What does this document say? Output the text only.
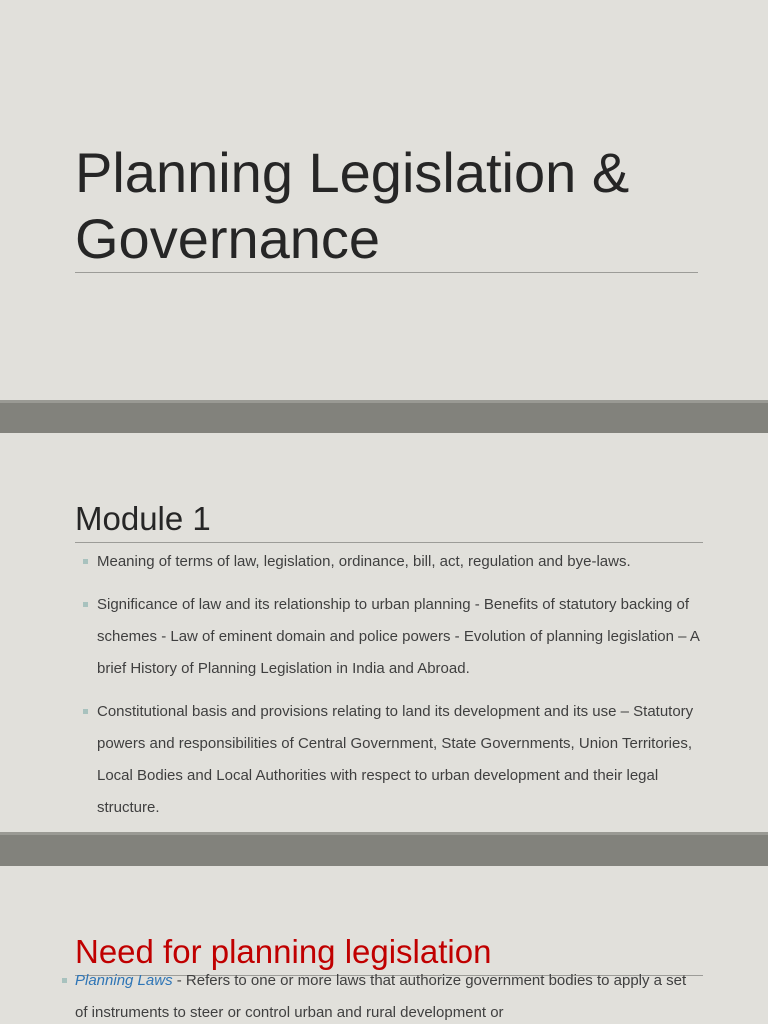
Planning Legislation &
Governance
Module 1
Meaning of terms of law, legislation, ordinance, bill, act, regulation and bye-laws.
Significance of law and its relationship to urban planning - Benefits of statutory backing of schemes - Law of eminent domain and police powers - Evolution of planning legislation – A brief History of Planning Legislation in India and Abroad.
Constitutional basis and provisions relating to land its development and its use – Statutory powers and responsibilities of Central Government, State Governments, Union Territories, Local Bodies and Local Authorities with respect to urban development and their legal structure.
Need for planning legislation
Planning Laws - Refers to one or more laws that authorize government bodies to apply a set of instruments to steer or control urban and rural development or
